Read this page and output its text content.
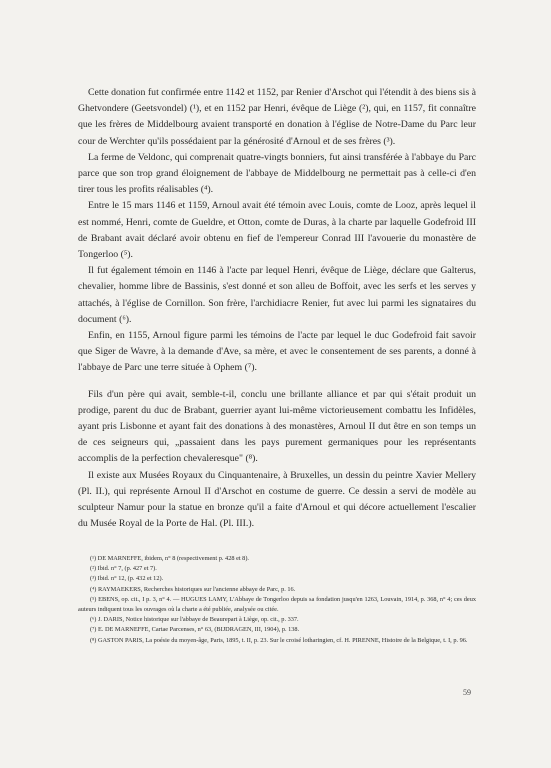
Cette donation fut confirmée entre 1142 et 1152, par Renier d'Arschot qui l'étendit à des biens sis à Ghetvondere (Geetsvondel) (¹), et en 1152 par Henri, évêque de Liège (²), qui, en 1157, fit connaître que les frères de Middelbourg avaient transporté en donation à l'église de Notre-Dame du Parc leur cour de Werchter qu'ils possédaient par la générosité d'Arnoul et de ses frères (³).

La ferme de Veldonc, qui comprenait quatre-vingts bonniers, fut ainsi transférée à l'abbaye du Parc parce que son trop grand éloignement de l'abbaye de Middelbourg ne permettait pas à celle-ci d'en tirer tous les profits réalisables (⁴).

Entre le 15 mars 1146 et 1159, Arnoul avait été témoin avec Louis, comte de Looz, après lequel il est nommé, Henri, comte de Gueldre, et Otton, comte de Duras, à la charte par laquelle Godefroid III de Brabant avait déclaré avoir obtenu en fief de l'empereur Conrad III l'avouerie du monastère de Tongerloo (⁵).

Il fut également témoin en 1146 à l'acte par lequel Henri, évêque de Liège, déclare que Galterus, chevalier, homme libre de Bassinis, s'est donné et son alleu de Boffoit, avec les serfs et les serves y attachés, à l'église de Cornillon. Son frère, l'archidiacre Renier, fut avec lui parmi les signataires du document (⁶).

Enfin, en 1155, Arnoul figure parmi les témoins de l'acte par lequel le duc Godefroid fait savoir que Siger de Wavre, à la demande d'Ave, sa mère, et avec le consentement de ses parents, a donné à l'abbaye de Parc une terre située à Ophem (⁷).

Fils d'un père qui avait, semble-t-il, conclu une brillante alliance et par qui s'était produit un prodige, parent du duc de Brabant, guerrier ayant lui-même victorieusement combattu les Infidèles, ayant pris Lisbonne et ayant fait des donations à des monastères, Arnoul II dut être en son temps un de ces seigneurs qui, „passaient dans les pays purement germaniques pour les représentants accomplis de la perfection chevaleresque" (⁸).

Il existe aux Musées Royaux du Cinquantenaire, à Bruxelles, un dessin du peintre Xavier Mellery (Pl. II.), qui représente Arnoul II d'Arschot en costume de guerre. Ce dessin a servi de modèle au sculpteur Namur pour la statue en bronze qu'il a faite d'Arnoul et qui décore actuellement l'escalier du Musée Royal de la Porte de Hal. (Pl. III.).

(¹) DE MARNEFFE, ibidem, n° 8 (respectivement p. 428 et 8).

(²) Ibid. n° 7, (p. 427 et 7).

(³) Ibid. n° 12, (p. 432 et 12).

(⁴) RAYMAEKERS, Recherches historiques sur l'ancienne abbaye de Parc, p. 16.

(⁵) EBENS, op. cit., I p. 3, n° 4. — HUGUES LAMY, L'Abbaye de Tongerloo depuis sa fondation jusqu'en 1263, Louvain, 1914, p. 368, n° 4; ces deux auteurs indiquent tous les ouvrages où la charte a été publiée, analysée ou citée.

(⁶) J. DARIS, Notice historique sur l'abbaye de Beaurepart à Liège, op. cit., p. 337.

(⁷) E. DE MARNEFFE, Cartae Parcenses, n° 63, (BIJDRAGEN, III, 1904), p. 138.

(⁸) GASTON PARIS, La poésie du moyen-âge, Paris, 1895, t. II, p. 23. Sur le croisé lotharingien, cf. H. PIRENNE, Histoire de la Belgique, t. I, p. 96.

59
